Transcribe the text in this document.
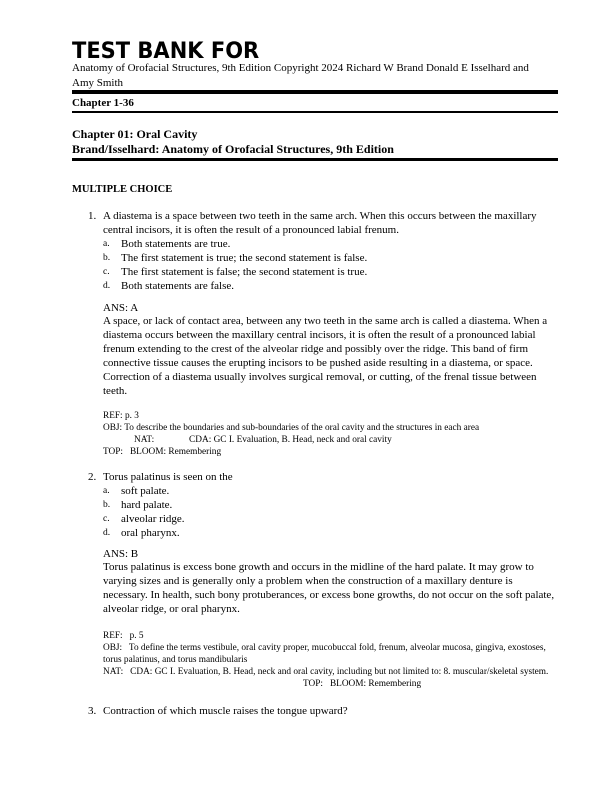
TEST BANK FOR
Anatomy of Orofacial Structures, 9th Edition Copyright 2024 Richard W Brand Donald E Isselhard and Amy Smith
Chapter 1-36
Chapter 01: Oral Cavity
Brand/Isselhard: Anatomy of Orofacial Structures, 9th Edition
MULTIPLE CHOICE
1. A diastema is a space between two teeth in the same arch. When this occurs between the maxillary central incisors, it is often the result of a pronounced labial frenum.
a. Both statements are true.
b. The first statement is true; the second statement is false.
c. The first statement is false; the second statement is true.
d. Both statements are false.
ANS: A
A space, or lack of contact area, between any two teeth in the same arch is called a diastema. When a diastema occurs between the maxillary central incisors, it is often the result of a pronounced labial frenum extending to the crest of the alveolar ridge and possibly over the ridge. This band of firm connective tissue causes the erupting incisors to be pushed aside resulting in a diastema, or space. Correction of a diastema usually involves surgical removal, or cutting, of the frenal tissue between teeth.
REF: p. 3
OBJ: To describe the boundaries and sub-boundaries of the oral cavity and the structures in each area
NAT:               CDA: GC I. Evaluation, B. Head, neck and oral cavity
TOP:   BLOOM: Remembering
2. Torus palatinus is seen on the
a. soft palate.
b. hard palate.
c. alveolar ridge.
d. oral pharynx.
ANS: B
Torus palatinus is excess bone growth and occurs in the midline of the hard palate. It may grow to varying sizes and is generally only a problem when the construction of a maxillary denture is necessary. In health, such bony protuberances, or excess bone growths, do not occur on the soft palate, alveolar ridge, or oral pharynx.
REF:   p. 5
OBJ:   To define the terms vestibule, oral cavity proper, mucobuccal fold, frenum, alveolar mucosa, gingiva, exostoses, torus palatinus, and torus mandibularis
NAT:   CDA: GC I. Evaluation, B. Head, neck and oral cavity, including but not limited to: 8. muscular/skeletal system.
TOP:   BLOOM: Remembering
3. Contraction of which muscle raises the tongue upward?
